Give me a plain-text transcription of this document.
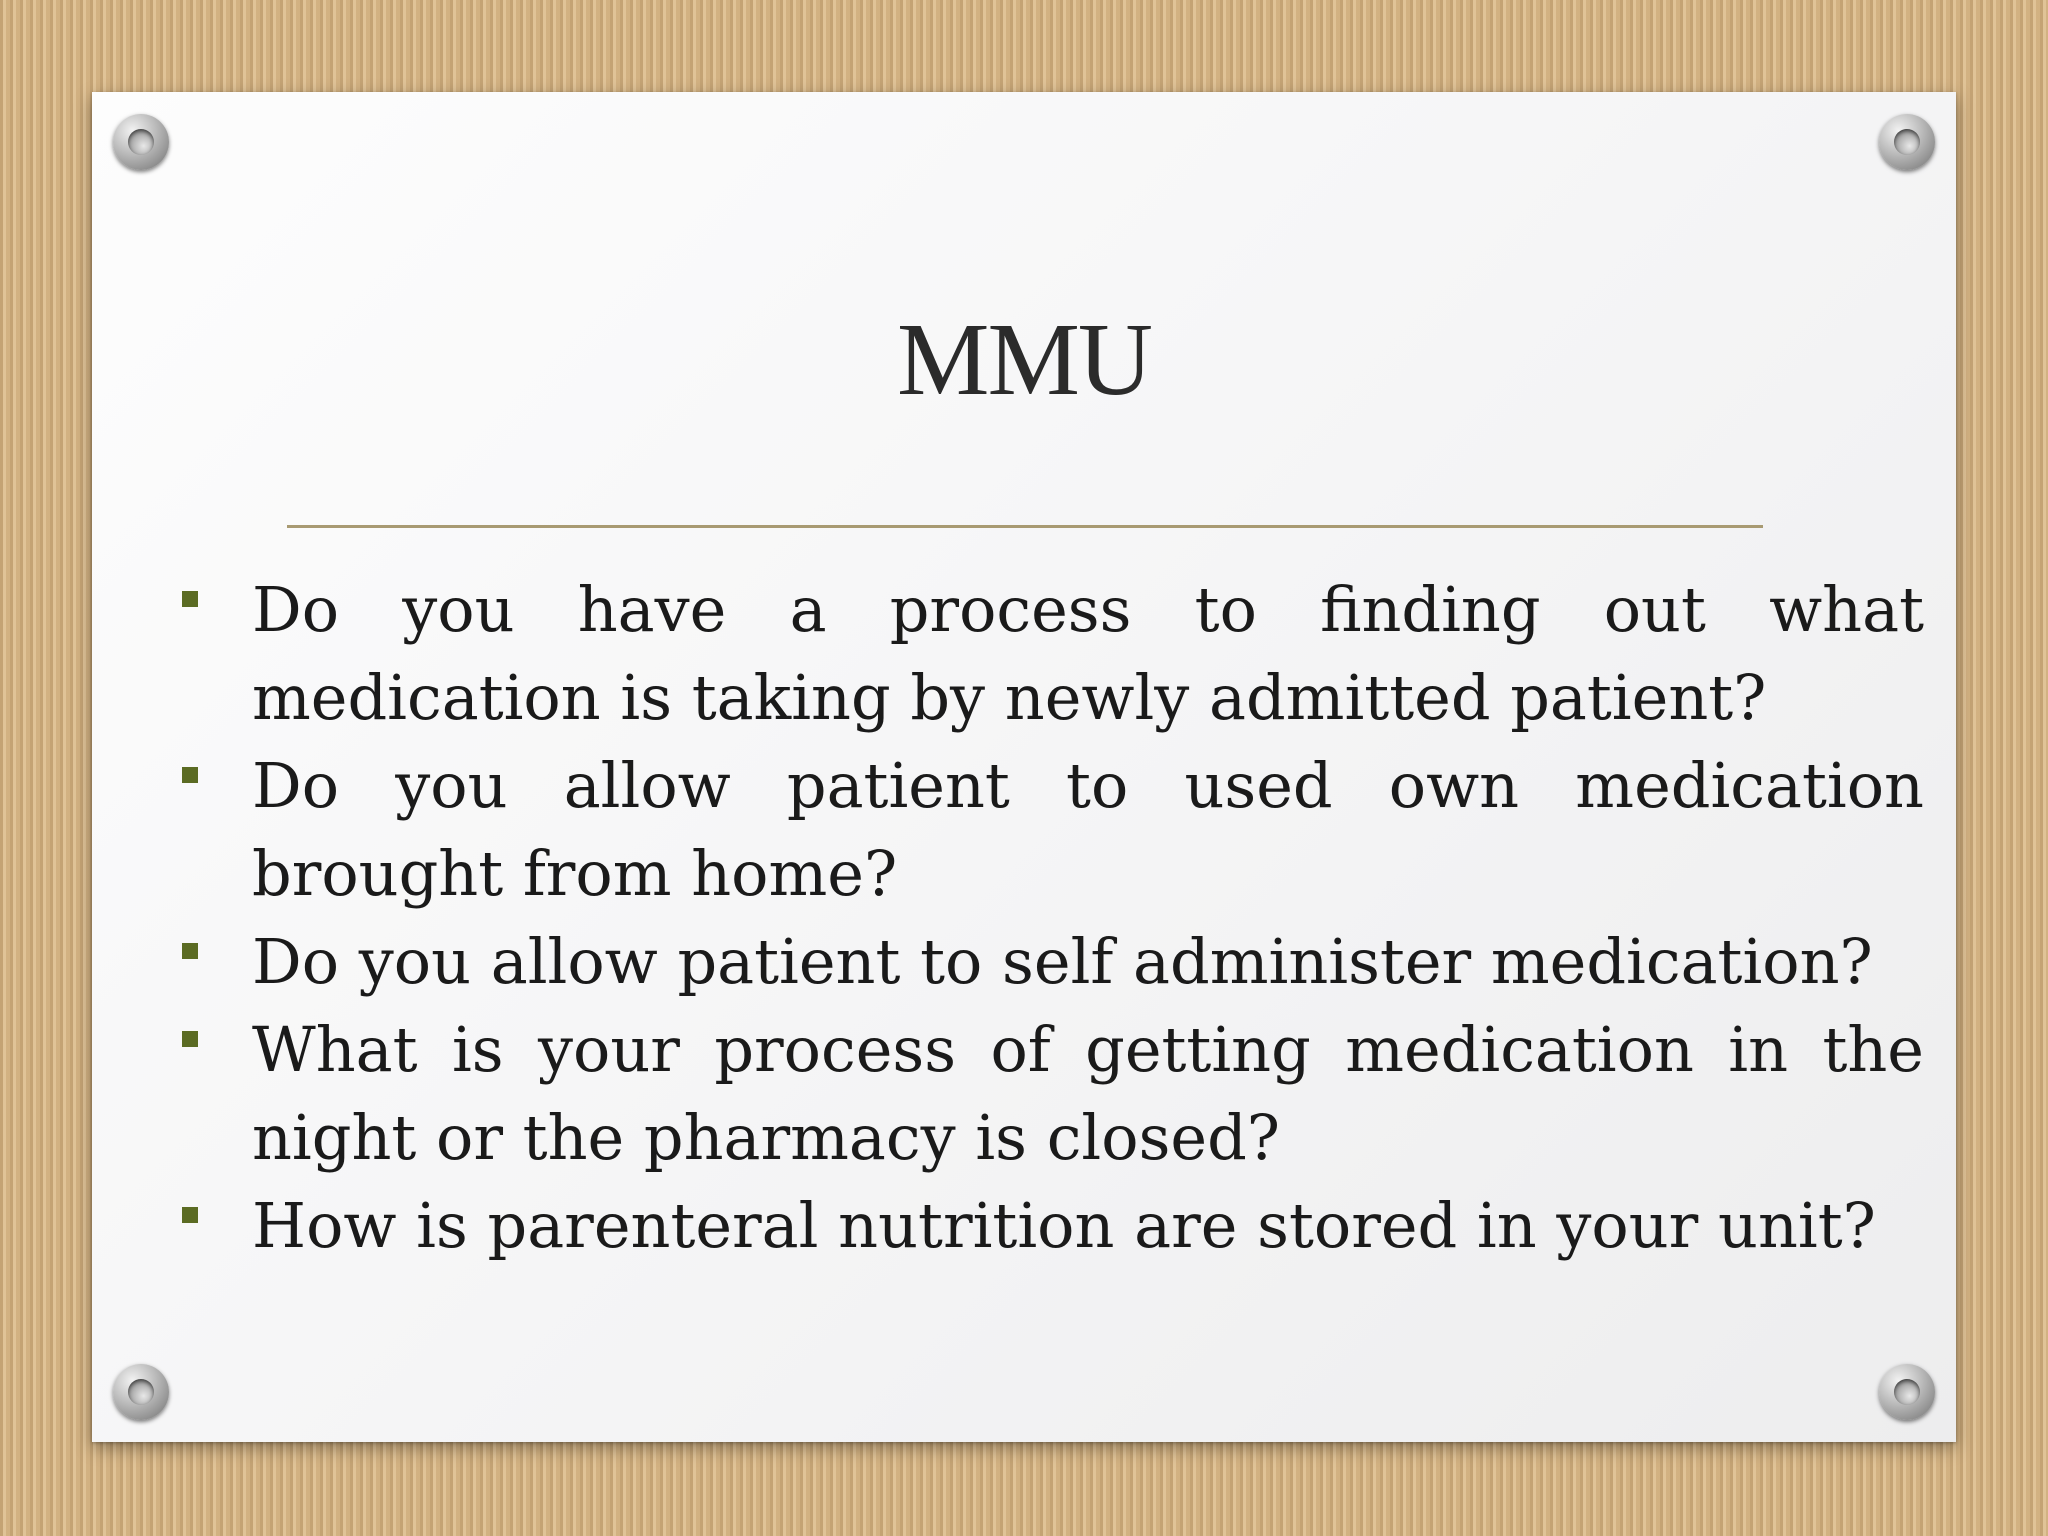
MMU
Do you have a process to finding out what medication is taking by newly admitted patient?
Do you allow patient to used own medication brought from home?
Do you allow patient to self administer medication?
What is your process of getting medication in the night or the pharmacy is closed?
How is parenteral nutrition are stored in your unit?
